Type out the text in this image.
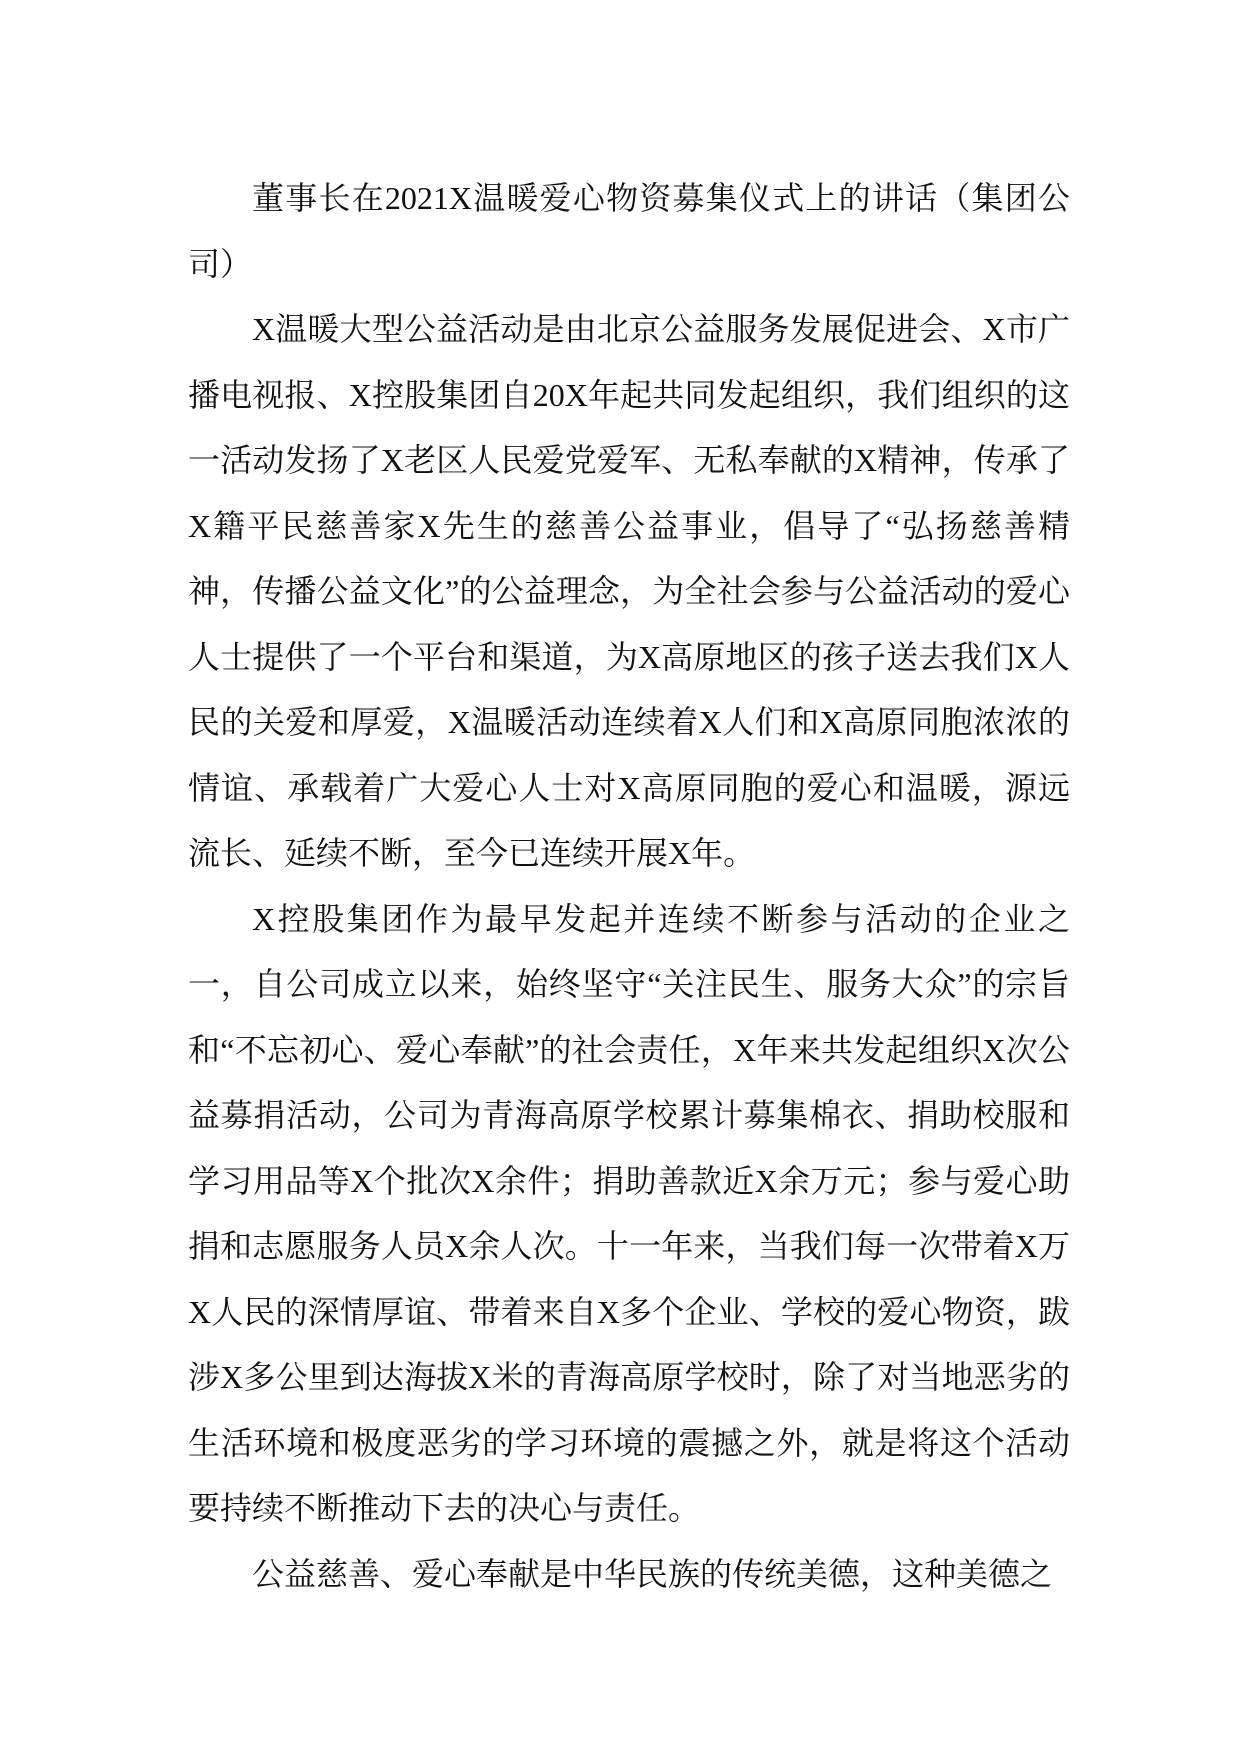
董事长在2021X温暖爱心物资募集仪式上的讲话（集团公司）

X温暖大型公益活动是由北京公益服务发展促进会、X市广播电视报、X控股集团自20X年起共同发起组织，我们组织的这一活动发扬了X老区人民爱党爱军、无私奉献的X精神，传承了X籍平民慈善家X先生的慈善公益事业，倡导了“弘扬慈善精神，传播公益文化”的公益理念，为全社会参与公益活动的爱心人士提供了一个平台和渠道，为X高原地区的孩子送去我们X人民的关爱和厚爱，X温暖活动连续着X人们和X高原同胞浓浓的情谊、承载着广大爱心人士对X高原同胞的爱心和温暖，源远流长、延续不断，至今已连续开展X年。

X控股集团作为最早发起并连续不断参与活动的企业之一，自公司成立以来，始终坚守“关注民生、服务大众”的宗旨和“不忘初心、爱心奉献”的社会责任，X年来共发起组织X次公益募捐活动，公司为青海高原学校累计募集棉衣、捐助校服和学习用品等X个批次X余件；捐助善款近X余万元；参与爱心助捐和志愿服务人员X余人次。十一年来，当我们每一次带着X万X人民的深情厚谊、带着来自X多个企业、学校的爱心物资，跋涉X多公里到达海拔X米的青海高原学校时，除了对当地恶劣的生活环境和极度恶劣的学习环境的震撼之外，就是将这个活动要持续不断推动下去的决心与责任。

公益慈善、爱心奉献是中华民族的传统美德，这种美德之
